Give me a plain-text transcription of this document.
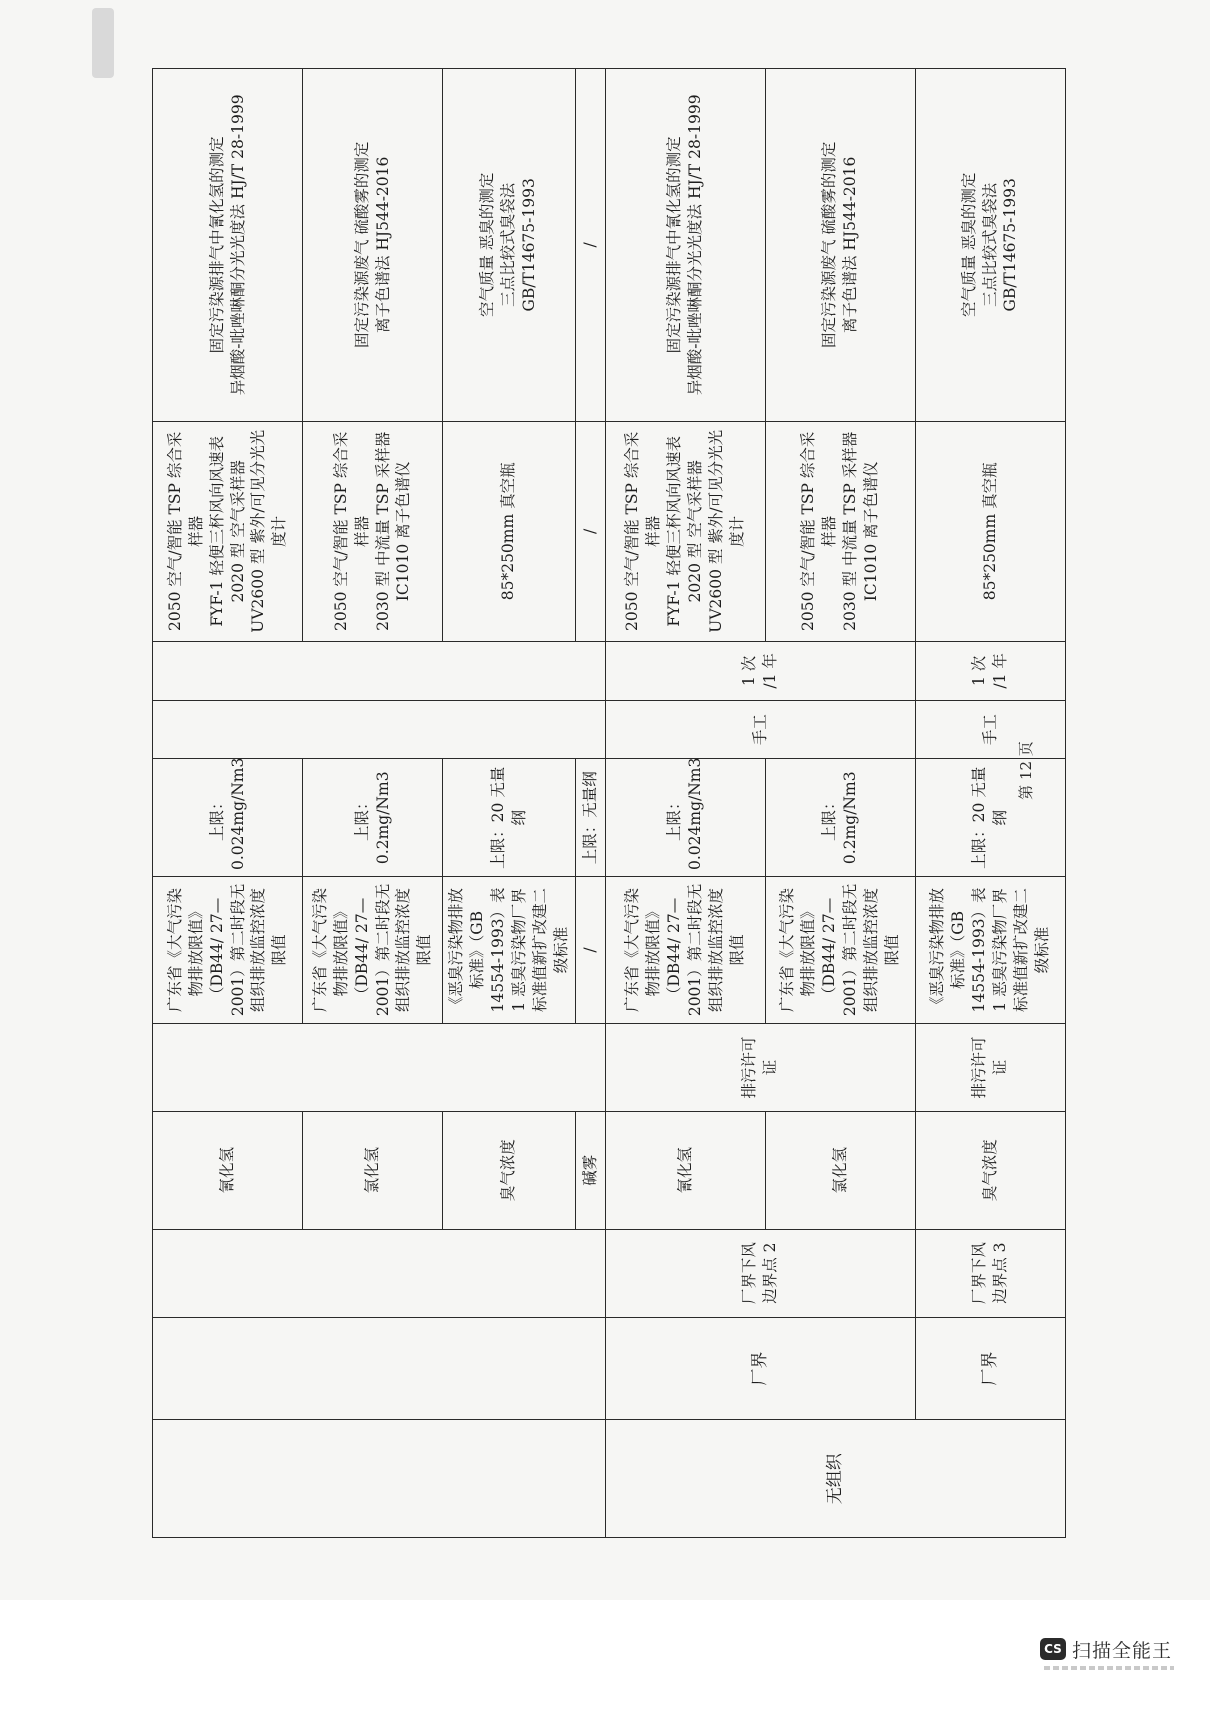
			氰化氢		广东省《大气污染物排放限值》（DB44/ 27—2001）第二时段无组织排放监控浓度限值	上限：
0.024mg/Nm3			2050 空气/智能 TSP 综合采样器
FYF-1 轻便三杯风向风速表
2020 型 空气采样器
UV2600 型 紫外/可见分光光度计	固定污染源排气中氰化氢的测定
异烟酸-吡唑啉酮分光光度法 HJ/T 28-1999
			氯化氢		广东省《大气污染物排放限值》（DB44/ 27—2001）第二时段无组织排放监控浓度限值	上限：
0.2mg/Nm3			2050 空气/智能 TSP 综合采样器
2030 型 中流量 TSP 采样器
IC1010 离子色谱仪	固定污染源废气 硫酸雾的测定
离子色谱法 HJ544-2016
			臭气浓度		《恶臭污染物排放标准》（GB 14554-1993）表 1 恶臭污染物厂界标准值新扩改建二级标准	上限：20 无量纲			85*250mm 真空瓶	空气质量 恶臭的测定
三点比较式臭袋法
GB/T14675-1993
			碱雾		/	上限：无量纲			/	/
无组织	厂界	厂界下风边界点 2	氰化氢	排污许可证	广东省《大气污染物排放限值》（DB44/ 27—2001）第二时段无组织排放监控浓度限值	上限：
0.024mg/Nm3	手工	1 次
/1 年	2050 空气/智能 TSP 综合采样器
FYF-1 轻便三杯风向风速表
2020 型 空气采样器
UV2600 型 紫外/可见分光光度计	固定污染源排气中氰化氢的测定
异烟酸-吡唑啉酮分光光度法 HJ/T 28-1999
			氯化氢		广东省《大气污染物排放限值》（DB44/ 27—2001）第二时段无组织排放监控浓度限值	上限：
0.2mg/Nm3			2050 空气/智能 TSP 综合采样器
2030 型 中流量 TSP 采样器
IC1010 离子色谱仪	固定污染源废气 硫酸雾的测定
离子色谱法 HJ544-2016
	厂界	厂界下风边界点 3	臭气浓度	排污许可证	《恶臭污染物排放标准》（GB 14554-1993）表 1 恶臭污染物厂界标准值新扩改建二级标准	上限：20 无量纲	手工	1 次
/1 年	85*250mm 真空瓶	空气质量 恶臭的测定
三点比较式臭袋法
GB/T14675-1993
第 12 页
CS 扫描全能王
